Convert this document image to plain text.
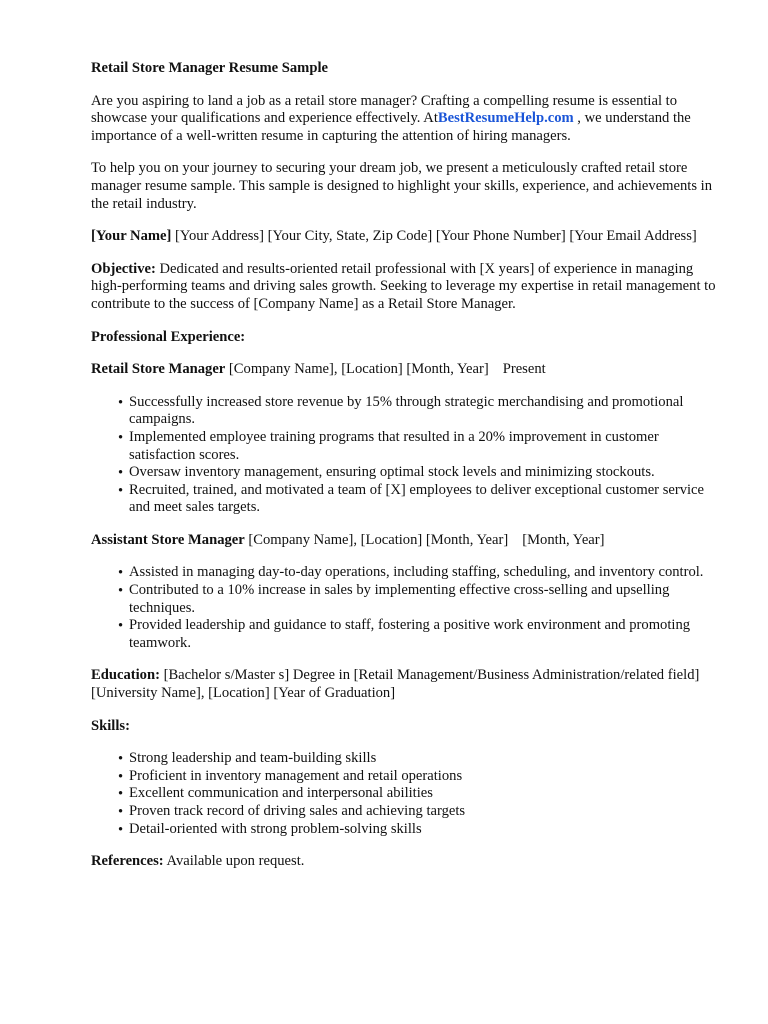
Retail Store Manager Resume Sample

Are you aspiring to land a job as a retail store manager? Crafting a compelling resume is essential to showcase your qualifications and experience effectively. AtBestResumeHelp.com , we understand the importance of a well-written resume in capturing the attention of hiring managers.

To help you on your journey to securing your dream job, we present a meticulously crafted retail store manager resume sample. This sample is designed to highlight your skills, experience, and achievements in the retail industry.

[Your Name] [Your Address] [Your City, State, Zip Code] [Your Phone Number] [Your Email Address]

Objective: Dedicated and results-oriented retail professional with [X years] of experience in managing high-performing teams and driving sales growth. Seeking to leverage my expertise in retail management to contribute to the success of [Company Name] as a Retail Store Manager.

Professional Experience:

Retail Store Manager [Company Name], [Location] [Month, Year] Present

• Successfully increased store revenue by 15% through strategic merchandising and promotional campaigns.
• Implemented employee training programs that resulted in a 20% improvement in customer satisfaction scores.
• Oversaw inventory management, ensuring optimal stock levels and minimizing stockouts.
• Recruited, trained, and motivated a team of [X] employees to deliver exceptional customer service and meet sales targets.

Assistant Store Manager [Company Name], [Location] [Month, Year] [Month, Year]

• Assisted in managing day-to-day operations, including staffing, scheduling, and inventory control.
• Contributed to a 10% increase in sales by implementing effective cross-selling and upselling techniques.
• Provided leadership and guidance to staff, fostering a positive work environment and promoting teamwork.

Education: [Bachelor s/Master s] Degree in [Retail Management/Business Administration/related field] [University Name], [Location] [Year of Graduation]

Skills:

• Strong leadership and team-building skills
• Proficient in inventory management and retail operations
• Excellent communication and interpersonal abilities
• Proven track record of driving sales and achieving targets
• Detail-oriented with strong problem-solving skills

References: Available upon request.
